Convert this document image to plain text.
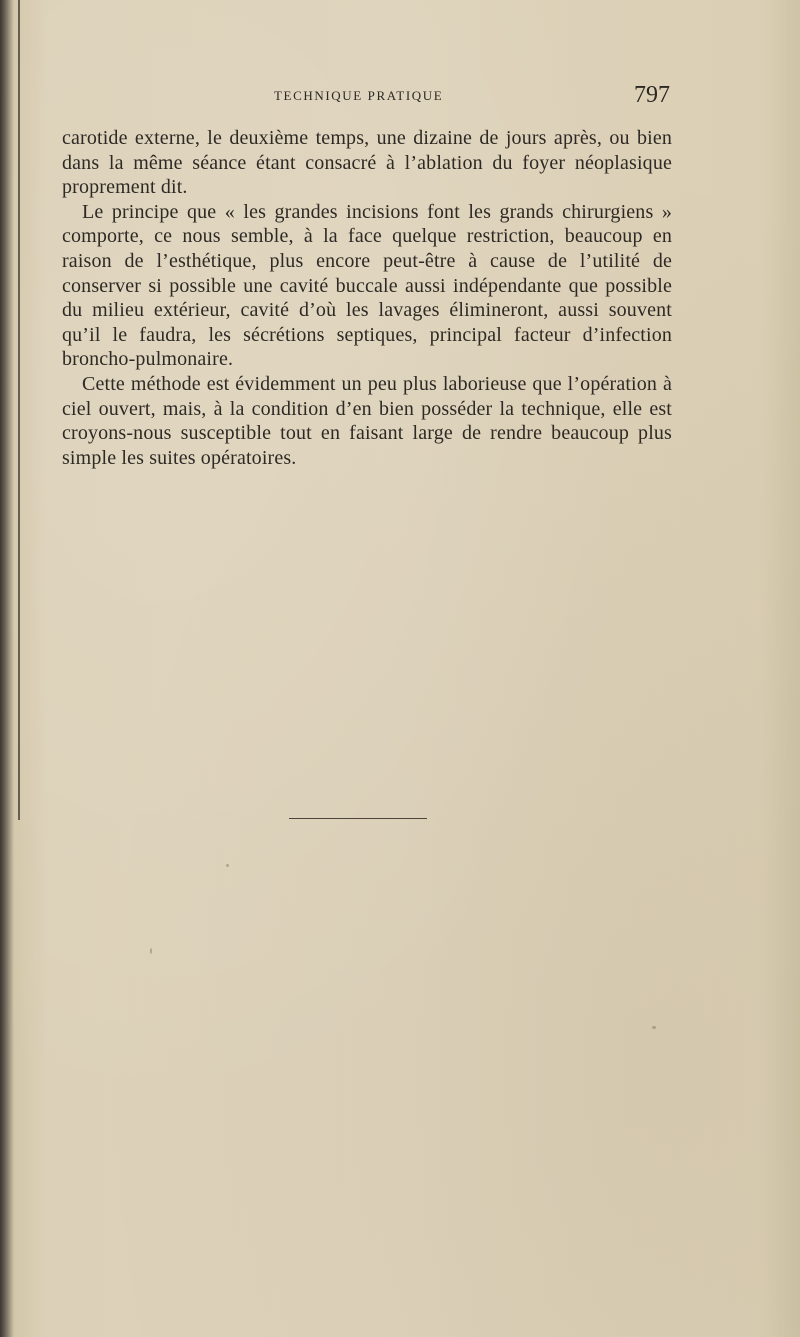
TECHNIQUE PRATIQUE	797

carotide externe, le deuxième temps, une dizaine de jours après, ou bien dans la même séance étant consacré à l’ablation du foyer néoplasique proprement dit.

Le principe que « les grandes incisions font les grands chirurgiens » comporte, ce nous semble, à la face quelque restriction, beaucoup en raison de l’esthétique, plus encore peut-être à cause de l’utilité de conserver si possible une cavité buccale aussi indépendante que possible du milieu extérieur, cavité d’où les lavages élimineront, aussi souvent qu’il le faudra, les sécrétions septiques, principal facteur d’infection broncho-pulmonaire.

Cette méthode est évidemment un peu plus laborieuse que l’opération à ciel ouvert, mais, à la condition d’en bien posséder la technique, elle est croyons-nous susceptible tout en faisant large de rendre beaucoup plus simple les suites opératoires.
